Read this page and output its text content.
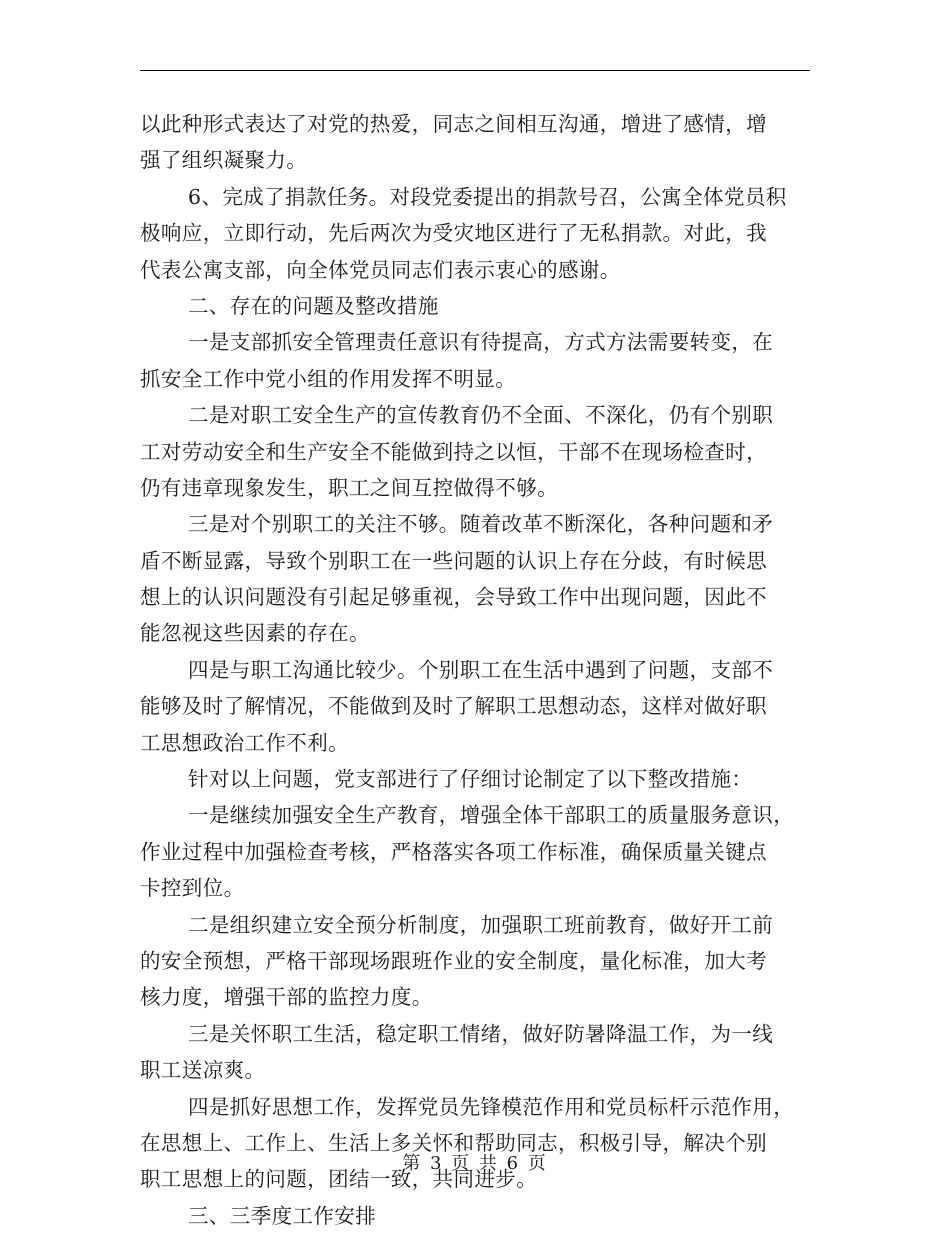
以此种形式表达了对党的热爱，同志之间相互沟通，增进了感情，增
强了组织凝聚力。
6、完成了捐款任务。对段党委提出的捐款号召，公寓全体党员积
极响应，立即行动，先后两次为受灾地区进行了无私捐款。对此，我
代表公寓支部，向全体党员同志们表示衷心的感谢。
二、存在的问题及整改措施
一是支部抓安全管理责任意识有待提高，方式方法需要转变，在
抓安全工作中党小组的作用发挥不明显。
二是对职工安全生产的宣传教育仍不全面、不深化，仍有个别职
工对劳动安全和生产安全不能做到持之以恒，干部不在现场检查时，
仍有违章现象发生，职工之间互控做得不够。
三是对个别职工的关注不够。随着改革不断深化，各种问题和矛
盾不断显露，导致个别职工在一些问题的认识上存在分歧，有时候思
想上的认识问题没有引起足够重视，会导致工作中出现问题，因此不
能忽视这些因素的存在。
四是与职工沟通比较少。个别职工在生活中遇到了问题，支部不
能够及时了解情况，不能做到及时了解职工思想动态，这样对做好职
工思想政治工作不利。
针对以上问题，党支部进行了仔细讨论制定了以下整改措施：
一是继续加强安全生产教育，增强全体干部职工的质量服务意识，
作业过程中加强检查考核，严格落实各项工作标准，确保质量关键点
卡控到位。
二是组织建立安全预分析制度，加强职工班前教育，做好开工前
的安全预想，严格干部现场跟班作业的安全制度，量化标准，加大考
核力度，增强干部的监控力度。
三是关怀职工生活，稳定职工情绪，做好防暑降温工作，为一线
职工送凉爽。
四是抓好思想工作，发挥党员先锋模范作用和党员标杆示范作用，
在思想上、工作上、生活上多关怀和帮助同志，积极引导，解决个别
职工思想上的问题，团结一致，共同进步。
三、三季度工作安排
第 3 页 共 6 页
